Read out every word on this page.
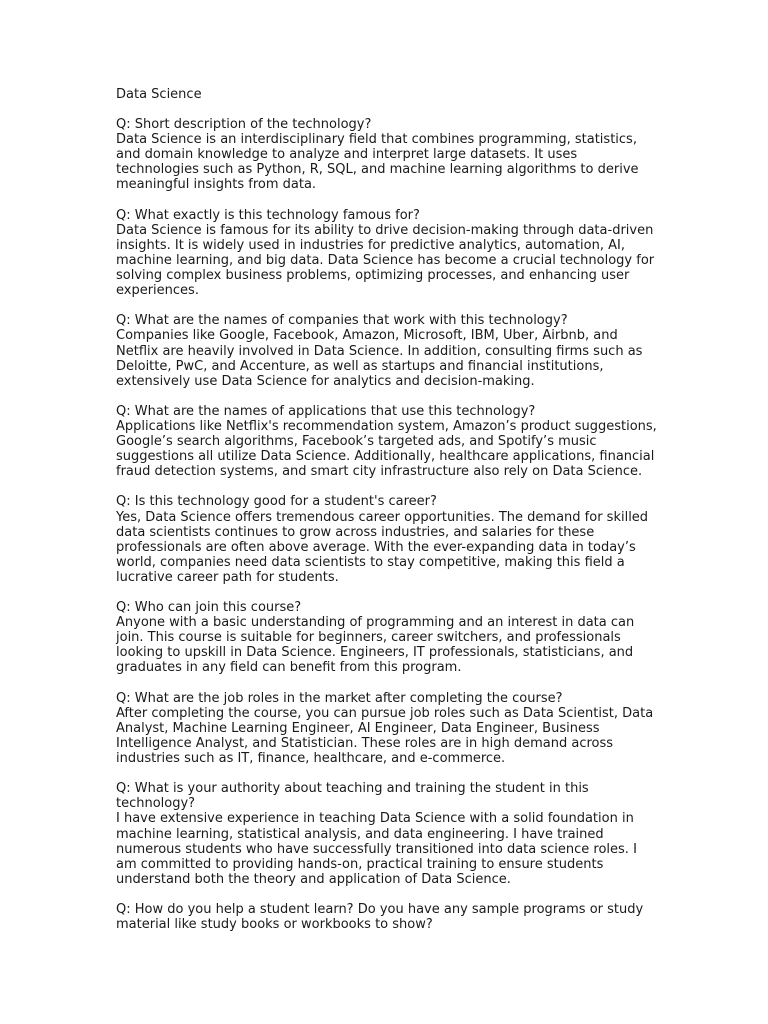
Data Science

Q: Short description of the technology?

Data Science is an interdisciplinary field that combines programming, statistics, and domain knowledge to analyze and interpret large datasets. It uses technologies such as Python, R, SQL, and machine learning algorithms to derive meaningful insights from data.

Q: What exactly is this technology famous for?

Data Science is famous for its ability to drive decision-making through data-driven insights. It is widely used in industries for predictive analytics, automation, AI, machine learning, and big data. Data Science has become a crucial technology for solving complex business problems, optimizing processes, and enhancing user experiences.

Q: What are the names of companies that work with this technology?

Companies like Google, Facebook, Amazon, Microsoft, IBM, Uber, Airbnb, and Netflix are heavily involved in Data Science. In addition, consulting firms such as Deloitte, PwC, and Accenture, as well as startups and financial institutions, extensively use Data Science for analytics and decision-making.

Q: What are the names of applications that use this technology?

Applications like Netflix's recommendation system, Amazon’s product suggestions, Google’s search algorithms, Facebook’s targeted ads, and Spotify’s music suggestions all utilize Data Science. Additionally, healthcare applications, financial fraud detection systems, and smart city infrastructure also rely on Data Science.

Q: Is this technology good for a student's career?

Yes, Data Science offers tremendous career opportunities. The demand for skilled data scientists continues to grow across industries, and salaries for these professionals are often above average. With the ever-expanding data in today’s world, companies need data scientists to stay competitive, making this field a lucrative career path for students.

Q: Who can join this course?

Anyone with a basic understanding of programming and an interest in data can join. This course is suitable for beginners, career switchers, and professionals looking to upskill in Data Science. Engineers, IT professionals, statisticians, and graduates in any field can benefit from this program.

Q: What are the job roles in the market after completing the course?

After completing the course, you can pursue job roles such as Data Scientist, Data Analyst, Machine Learning Engineer, AI Engineer, Data Engineer, Business Intelligence Analyst, and Statistician. These roles are in high demand across industries such as IT, finance, healthcare, and e-commerce.

Q: What is your authority about teaching and training the student in this technology?

I have extensive experience in teaching Data Science with a solid foundation in machine learning, statistical analysis, and data engineering. I have trained numerous students who have successfully transitioned into data science roles. I am committed to providing hands-on, practical training to ensure students understand both the theory and application of Data Science.

Q: How do you help a student learn? Do you have any sample programs or study material like study books or workbooks to show?
